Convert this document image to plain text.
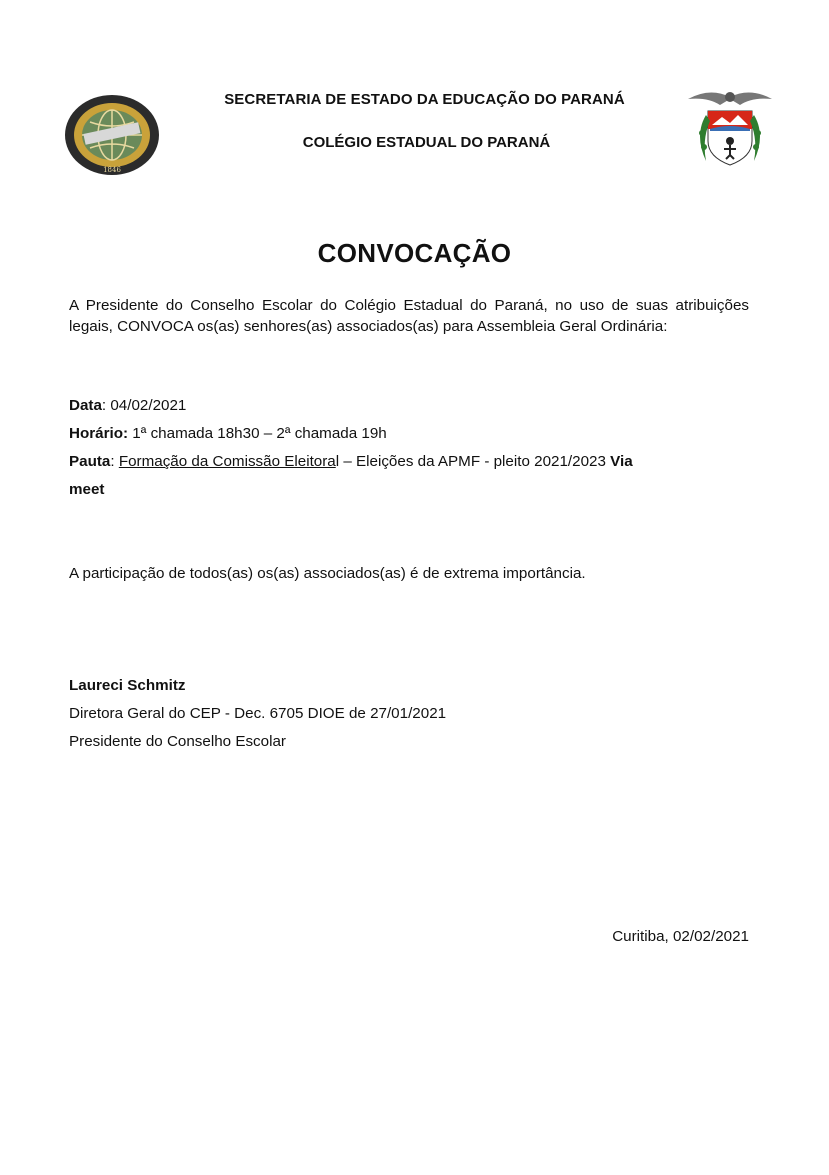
1846
SECRETARIA DE ESTADO DA EDUCAÇÃO DO PARANÁ
COLÉGIO ESTADUAL DO PARANÁ
CONVOCAÇÃO
A Presidente do Conselho Escolar do Colégio Estadual do Paraná, no uso de suas atribuições legais, CONVOCA os(as) senhores(as) associados(as) para Assembleia Geral Ordinária:
Data: 04/02/2021
Horário: 1ª chamada 18h30 – 2ª chamada 19h
Pauta: Formação da Comissão Eleitoral – Eleições da APMF - pleito 2021/2023 Via
meet
A participação de todos(as) os(as) associados(as) é de extrema importância.
Laureci Schmitz
Diretora Geral do CEP - Dec. 6705 DIOE de 27/01/2021
Presidente do Conselho Escolar
Curitiba, 02/02/2021
